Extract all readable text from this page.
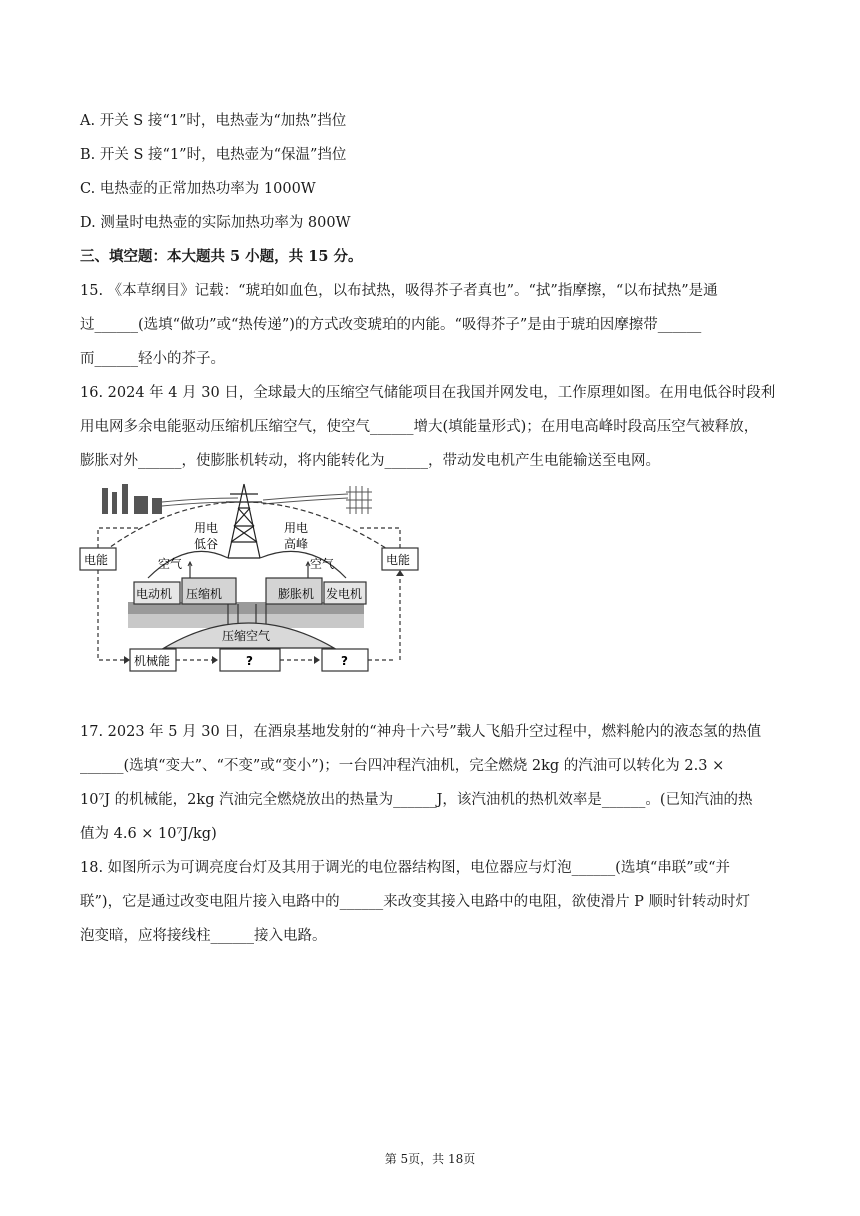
A. 开关 S 接“1”时，电热壶为“加热”挡位
B. 开关 S 接“1”时，电热壶为“保温”挡位
C. 电热壶的正常加热功率为 1000W
D. 测量时电热壶的实际加热功率为 800W
三、填空题：本大题共 5 小题，共 15 分。
15. 《本草纲目》记载：“琥珀如血色，以布拭热，吸得芥子者真也”。“拭”指摩擦，“以布拭热”是通
过______(选填“做功”或“热传递”)的方式改变琥珀的内能。“吸得芥子”是由于琥珀因摩擦带______
而______轻小的芥子。
16. 2024 年 4 月 30 日，全球最大的压缩空气储能项目在我国并网发电，工作原理如图。在用电低谷时段利
用电网多余电能驱动压缩机压缩空气，使空气______增大(填能量形式)；在用电高峰时段高压空气被释放，
膨胀对外______，使膨胀机转动，将内能转化为______，带动发电机产生电能输送至电网。
用电
低谷
用电
高峰
电能	电能
空气	空气
电动机 压缩机	膨胀机 发电机
压缩空气
机械能	?	?
17. 2023 年 5 月 30 日，在酒泉基地发射的“神舟十六号”载人飞船升空过程中，燃料舱内的液态氢的热值
______(选填“变大”、“不变”或“变小”)；一台四冲程汽油机，完全燃烧 2kg 的汽油可以转化为 2.3 ×
10⁷J 的机械能，2kg 汽油完全燃烧放出的热量为______J，该汽油机的热机效率是______。(已知汽油的热
值为 4.6 × 10⁷J/kg)
18. 如图所示为可调亮度台灯及其用于调光的电位器结构图，电位器应与灯泡______(选填“串联”或“并
联”)，它是通过改变电阻片接入电路中的______来改变其接入电路中的电阻，欲使滑片 P 顺时针转动时灯
泡变暗，应将接线柱______接入电路。
第 5页，共 18页
